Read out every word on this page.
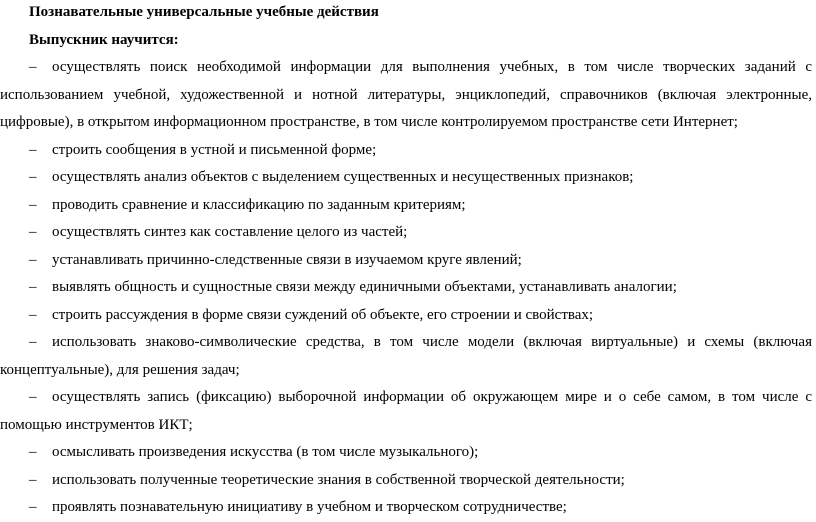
Познавательные универсальные учебные действия
Выпускник научится:
– осуществлять поиск необходимой информации для выполнения учебных, в том числе творческих заданий с использованием учебной, художественной и нотной литературы, энциклопедий, справочников (включая электронные, цифровые), в открытом информационном пространстве, в том числе контролируемом пространстве сети Интернет;
– строить сообщения в устной и письменной форме;
– осуществлять анализ объектов с выделением существенных и несущественных признаков;
– проводить сравнение и классификацию по заданным критериям;
– осуществлять синтез как составление целого из частей;
– устанавливать причинно-следственные связи в изучаемом круге явлений;
– выявлять общность и сущностные связи между единичными объектами, устанавливать аналогии;
– строить рассуждения в форме связи суждений об объекте, его строении и свойствах;
– использовать знаково-символические средства, в том числе модели (включая виртуальные) и схемы (включая концептуальные), для решения задач;
– осуществлять запись (фиксацию) выборочной информации об окружающем мире и о себе самом, в том числе с помощью инструментов ИКТ;
– осмысливать произведения искусства (в том числе музыкального);
– использовать полученные теоретические знания в собственной творческой деятельности;
– проявлять познавательную инициативу в учебном и творческом сотрудничестве;
